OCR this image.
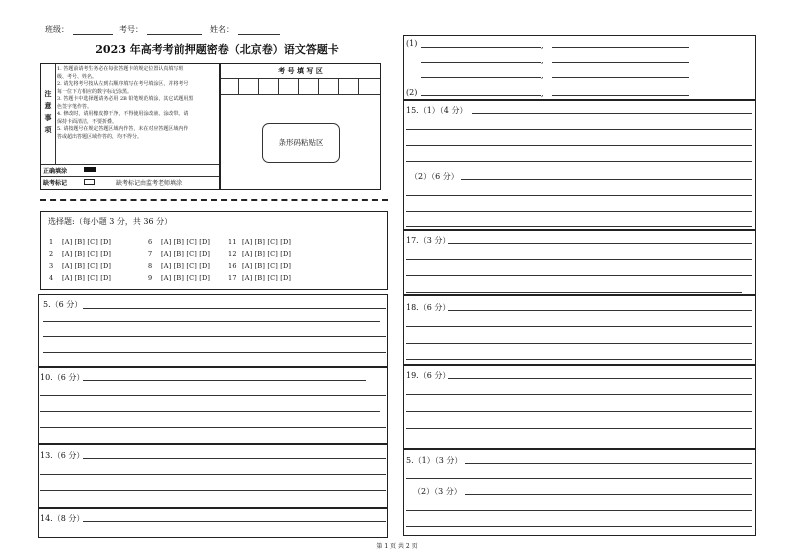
班级：	考号：	姓名：
2023 年高考考前押题密卷（北京卷）语文答题卡
注
意
事
项
1. 答题前请考生务必在每张答题卡的规定位置认真填写班
级、考号、姓名。
2. 请先将考号按从左到右顺序填写在考号填涂区，并将考号
每一位下方相应的数字标记涂黑。
3. 答题卡中选择题请务必用 2B 铅笔规范填涂，其它试题用黑
色签字笔作答。
4. 修改时，请用橡皮擦干净，不得使用涂改液、涂改带。请
保持卡面清洁，不要折叠。
5. 请按题号在规定答题区域内作答，未在对应答题区域内作
答或超出答题区域作答的，均不得分。
正确填涂
缺考标记	缺考标记由监考老师填涂
考 号 填 写 区
条形码粘贴区
选择题:（每小题 3 分，共 36 分）
1 [A] [B] [C] [D]
2 [A] [B] [C] [D]
3 [A] [B] [C] [D]
4 [A] [B] [C] [D]
6 [A] [B] [C] [D]
7 [A] [B] [C] [D]
8 [A] [B] [C] [D]
9 [A] [B] [C] [D]
11 [A] [B] [C] [D]
12 [A] [B] [C] [D]
16 [A] [B] [C] [D]
17 [A] [B] [C] [D]
5.（6 分）
10.（6 分）
13.（6 分）
14.（8 分）
(1)	,
,
,
(2)	,
15.（1）（4 分）
（2）（6 分）
17.（3 分）
18.（6 分）
19.（6 分）
5.（1）（3 分）
（2）（3 分）
第 1 页 共 2 页
